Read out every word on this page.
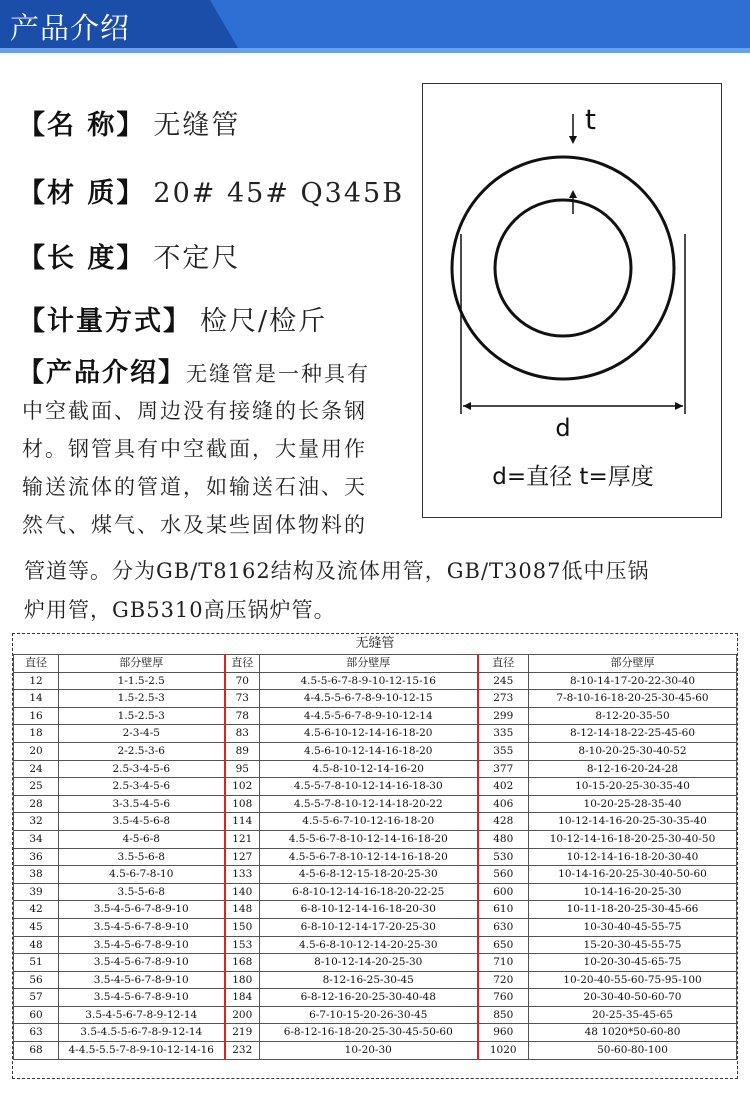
产品介绍
【名 称】 无缝管
【材 质】 20# 45# Q345B
【长 度】 不定尺
【计量方式】 检尺/检斤
【产品介绍】无缝管是一种具有
中空截面、周边没有接缝的长条钢
材。钢管具有中空截面，大量用作
输送流体的管道，如输送石油、天
然气、煤气、水及某些固体物料的
管道等。分为GB/T8162结构及流体用管，GB/T3087低中压锅
炉用管，GB5310高压锅炉管。
t
d
d=直径 t=厚度
无缝管					
直径	部分壁厚	直径	部分壁厚	直径	部分壁厚
12	1-1.5-2.5	70	4.5-5-6-7-8-9-10-12-15-16	245	8-10-14-17-20-22-30-40
14	1.5-2.5-3	73	4-4.5-5-6-7-8-9-10-12-15	273	7-8-10-16-18-20-25-30-45-60
16	1.5-2.5-3	78	4-4.5-5-6-7-8-9-10-12-14	299	8-12-20-35-50
18	2-3-4-5	83	4.5-6-10-12-14-16-18-20	335	8-12-14-18-22-25-45-60
20	2-2.5-3-6	89	4.5-6-10-12-14-16-18-20	355	8-10-20-25-30-40-52
24	2.5-3-4-5-6	95	4.5-8-10-12-14-16-20	377	8-12-16-20-24-28
25	2.5-3-4-5-6	102	4.5-5-7-8-10-12-14-16-18-30	402	10-15-20-25-30-35-40
28	3-3.5-4-5-6	108	4.5-5-7-8-10-12-14-18-20-22	406	10-20-25-28-35-40
32	3.5-4-5-6-8	114	4.5-5-6-7-10-12-16-18-20	428	10-12-14-16-20-25-30-35-40
34	4-5-6-8	121	4.5-5-6-7-8-10-12-14-16-18-20	480	10-12-14-16-18-20-25-30-40-50
36	3.5-5-6-8	127	4.5-5-6-7-8-10-12-14-16-18-20	530	10-12-14-16-18-20-30-40
38	4.5-6-7-8-10	133	4-5-6-8-12-15-18-20-25-30	560	10-14-16-20-25-30-40-50-60
39	3.5-5-6-8	140	6-8-10-12-14-16-18-20-22-25	600	10-14-16-20-25-30
42	3.5-4-5-6-7-8-9-10	148	6-8-10-12-14-16-18-20-30	610	10-11-18-20-25-30-45-66
45	3.5-4-5-6-7-8-9-10	150	6-8-10-12-14-17-20-25-30	630	10-30-40-45-55-75
48	3.5-4-5-6-7-8-9-10	153	4.5-6-8-10-12-14-20-25-30	650	15-20-30-45-55-75
51	3.5-4-5-6-7-8-9-10	168	8-10-12-14-20-25-30	710	10-20-30-45-65-75
56	3.5-4-5-6-7-8-9-10	180	8-12-16-25-30-45	720	10-20-40-55-60-75-95-100
57	3.5-4-5-6-7-8-9-10	184	6-8-12-16-20-25-30-40-48	760	20-30-40-50-60-70
60	3.5-4-5-6-7-8-9-12-14	200	6-7-10-15-20-26-30-45	850	20-25-35-45-65
63	3.5-4.5-5-6-7-8-9-12-14	219	6-8-12-16-18-20-25-30-45-50-60	960	48 1020*50-60-80
68	4-4.5-5.5-7-8-9-10-12-14-16	232	10-20-30	1020	50-60-80-100
